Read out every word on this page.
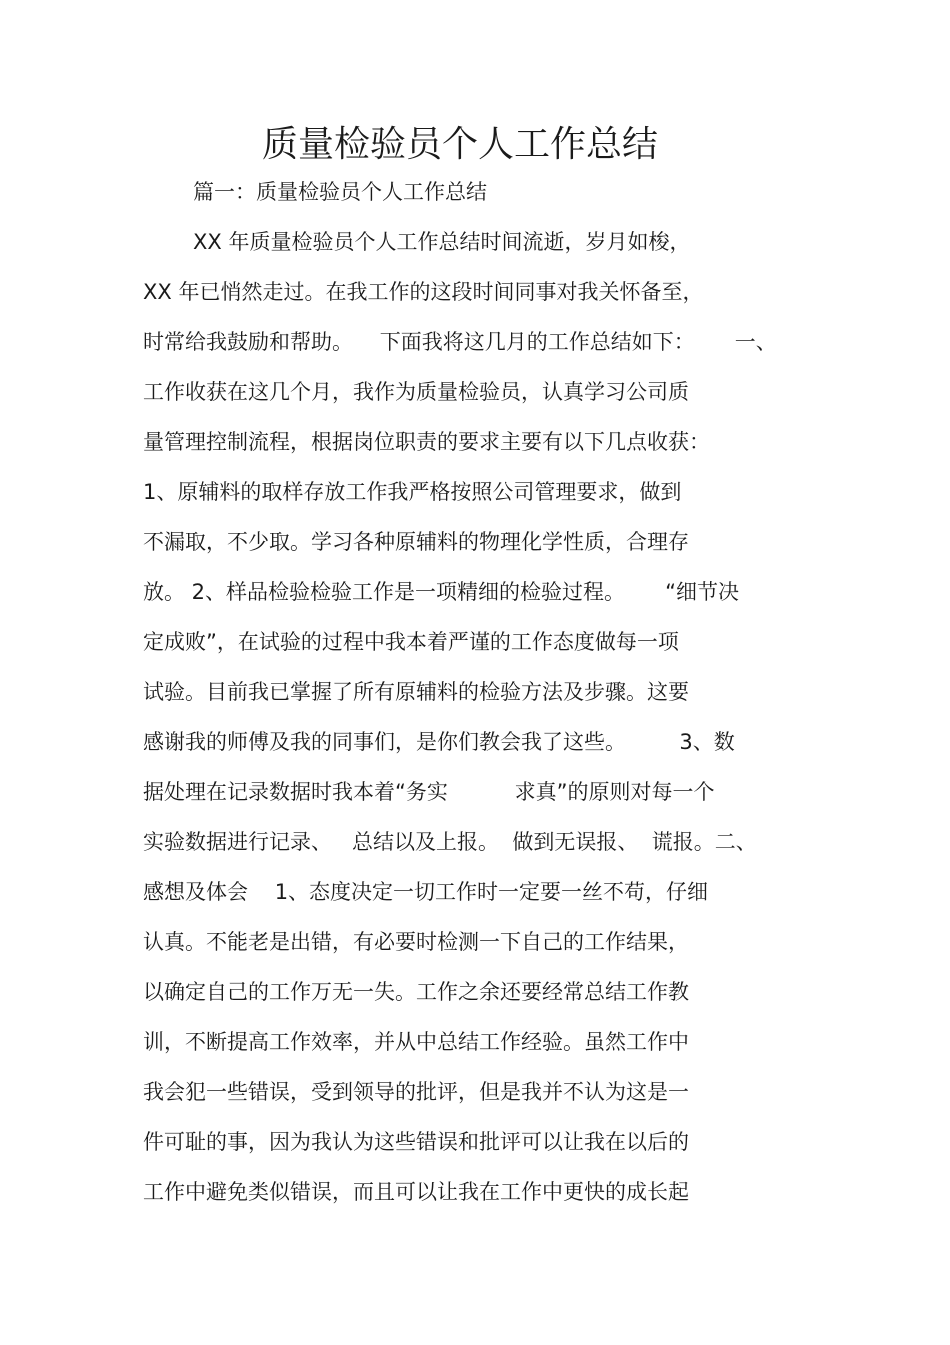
质量检验员个人工作总结
篇一：质量检验员个人工作总结
XX 年质量检验员个人工作总结时间流逝，岁月如梭，
XX 年已悄然走过。在我工作的这段时间同事对我关怀备至，
时常给我鼓励和帮助。    下面我将这几月的工作总结如下：      一、
工作收获在这几个月，我作为质量检验员，认真学习公司质
量管理控制流程，根据岗位职责的要求主要有以下几点收获：
1、原辅料的取样存放工作我严格按照公司管理要求，做到
不漏取，不少取。学习各种原辅料的物理化学性质，合理存
放。 2、样品检验检验工作是一项精细的检验过程。      “细节决
定成败”，在试验的过程中我本着严谨的工作态度做每一项
试验。目前我已掌握了所有原辅料的检验方法及步骤。这要
感谢我的师傅及我的同事们，是你们教会我了这些。        3、数
据处理在记录数据时我本着“务实          求真”的原则对每一个
实验数据进行记录、   总结以及上报。  做到无误报、  谎报。二、
感想及体会    1、态度决定一切工作时一定要一丝不苟，仔细
认真。不能老是出错，有必要时检测一下自己的工作结果，
以确定自己的工作万无一失。工作之余还要经常总结工作教
训，不断提高工作效率，并从中总结工作经验。虽然工作中
我会犯一些错误，受到领导的批评，但是我并不认为这是一
件可耻的事，因为我认为这些错误和批评可以让我在以后的
工作中避免类似错误，而且可以让我在工作中更快的成长起
